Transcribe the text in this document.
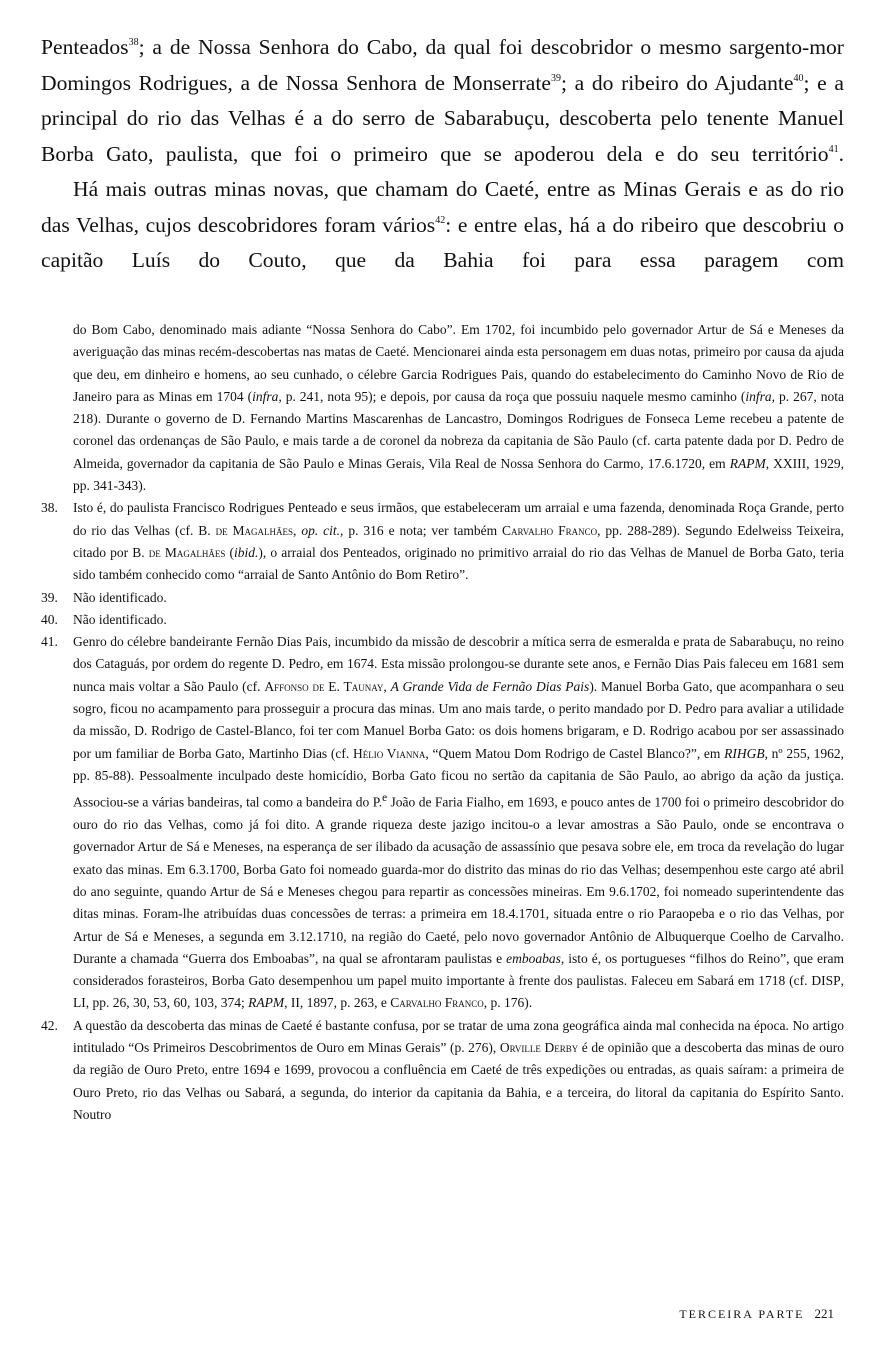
Penteados$^{38}$; a de Nossa Senhora do Cabo, da qual foi descobridor o mesmo sargento-mor Domingos Rodrigues, a de Nossa Senhora de Monserrate$^{39}$; a do ribeiro do Ajudante$^{40}$; e a principal do rio das Velhas é a do serro de Sabarabuçu, descoberta pelo tenente Manuel Borba Gato, paulista, que foi o primeiro que se apoderou dela e do seu território$^{41}$.

Há mais outras minas novas, que chamam do Caeté, entre as Minas Gerais e as do rio das Velhas, cujos descobridores foram vários$^{42}$: e entre elas, há a do ribeiro que descobriu o capitão Luís do Couto, que da Bahia foi para essa paragem com

do Bom Cabo, denominado mais adiante “Nossa Senhora do Cabo”. Em 1702, foi incumbido pelo governador Artur de Sá e Meneses da averiguação das minas recém-descobertas nas matas de Caeté. Mencionarei ainda esta personagem em duas notas, primeiro por causa da ajuda que deu, em dinheiro e homens, ao seu cunhado, o célebre Garcia Rodrigues Pais, quando do estabelecimento do Caminho Novo de Rio de Janeiro para as Minas em 1704 (infra, p. 241, nota 95); e depois, por causa da roça que possuiu naquele mesmo caminho (infra, p. 267, nota 218). Durante o governo de D. Fernando Martins Mascarenhas de Lancastro, Domingos Rodrigues de Fonseca Leme recebeu a patente de coronel das ordenanças de São Paulo, e mais tarde a de coronel da nobreza da capitania de São Paulo (cf. carta patente dada por D. Pedro de Almeida, governador da capitania de São Paulo e Minas Gerais, Vila Real de Nossa Senhora do Carmo, 17.6.1720, em RAPM, XXIII, 1929, pp. 341-343).

38. Isto é, do paulista Francisco Rodrigues Penteado e seus irmãos, que estabeleceram um arraial e uma fazenda, denominada Roça Grande, perto do rio das Velhas (cf. B. de Magalhães, op. cit., p. 316 e nota; ver também Carvalho Franco, pp. 288-289). Segundo Edelweiss Teixeira, citado por B. de Magalhães (ibid.), o arraial dos Penteados, originado no primitivo arraial do rio das Velhas de Manuel de Borba Gato, teria sido também conhecido como “arraial de Santo Antônio do Bom Retiro”.

39. Não identificado.

40. Não identificado.

41. Genro do célebre bandeirante Fernão Dias Pais, incumbido da missão de descobrir a mítica serra de esmeralda e prata de Sabarabuçu, no reino dos Cataguás, por ordem do regente D. Pedro, em 1674. Esta missão prolongou-se durante sete anos, e Fernão Dias Pais faleceu em 1681 sem nunca mais voltar a São Paulo (cf. Affonso de E. Taunay, A Grande Vida de Fernão Dias Pais). Manuel Borba Gato, que acompanhara o seu sogro, ficou no acampamento para prosseguir a procura das minas. Um ano mais tarde, o perito mandado por D. Pedro para avaliar a utilidade da missão, D. Rodrigo de Castel-Blanco, foi ter com Manuel Borba Gato: os dois homens brigaram, e D. Rodrigo acabou por ser assassinado por um familiar de Borba Gato, Martinho Dias (cf. Hélio Vianna, “Quem Matou Dom Rodrigo de Castel Blanco?”, em RIHGB, nº 255, 1962, pp. 85-88). Pessoalmente inculpado deste homicídio, Borba Gato ficou no sertão da capitania de São Paulo, ao abrigo da ação da justiça. Associou-se a várias bandeiras, tal como a bandeira do P.$^e$ João de Faria Fialho, em 1693, e pouco antes de 1700 foi o primeiro descobridor do ouro do rio das Velhas, como já foi dito. A grande riqueza deste jazigo incitou-o a levar amostras a São Paulo, onde se encontrava o governador Artur de Sá e Meneses, na esperança de ser ilibado da acusação de assassínio que pesava sobre ele, em troca da revelação do lugar exato das minas. Em 6.3.1700, Borba Gato foi nomeado guarda-mor do distrito das minas do rio das Velhas; desempenhou este cargo até abril do ano seguinte, quando Artur de Sá e Meneses chegou para repartir as concessões mineiras. Em 9.6.1702, foi nomeado superintendente das ditas minas. Foram-lhe atribuídas duas concessões de terras: a primeira em 18.4.1701, situada entre o rio Paraopeba e o rio das Velhas, por Artur de Sá e Meneses, a segunda em 3.12.1710, na região do Caeté, pelo novo governador Antônio de Albuquerque Coelho de Carvalho. Durante a chamada “Guerra dos Emboabas”, na qual se afrontaram paulistas e emboabas, isto é, os portugueses “filhos do Reino”, que eram considerados forasteiros, Borba Gato desempenhou um papel muito importante à frente dos paulistas. Faleceu em Sabará em 1718 (cf. DISP, LI, pp. 26, 30, 53, 60, 103, 374; RAPM, II, 1897, p. 263, e Carvalho Franco, p. 176).

42. A questão da descoberta das minas de Caeté é bastante confusa, por se tratar de uma zona geográfica ainda mal conhecida na época. No artigo intitulado “Os Primeiros Descobrimentos de Ouro em Minas Gerais” (p. 276), Orville Derby é de opinião que a descoberta das minas de ouro da região de Ouro Preto, entre 1694 e 1699, provocou a confluência em Caeté de três expedições ou entradas, as quais saíram: a primeira de Ouro Preto, rio das Velhas ou Sabará, a segunda, do interior da capitania da Bahia, e a terceira, do litoral da capitania do Espírito Santo. Noutro

TERCEIRA PARTE 221
